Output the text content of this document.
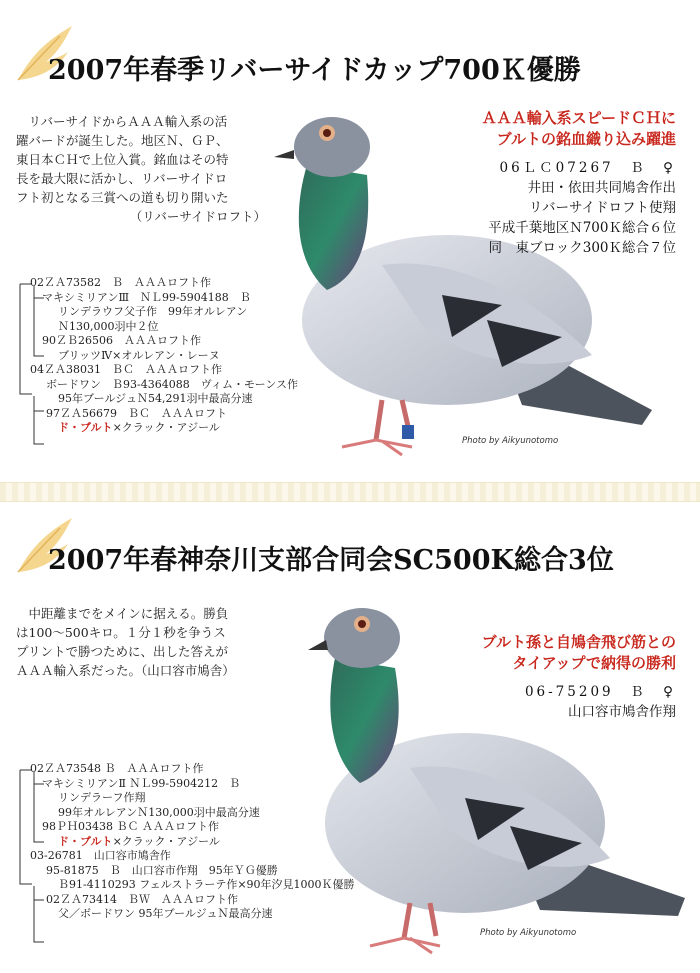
2007年春季リバーサイドカップ700Ｋ優勝
　リバーサイドからＡＡＡ輸入系の活
躍バードが誕生した。地区Ｎ、ＧＰ、
東日本ＣＨで上位入賞。銘血はその特
長を最大限に活かし、リバーサイドロ
フト初となる三賞への道も切り開いた
（リバーサイドロフト）
ＡＡＡ輸入系スピードＣＨに
ブルトの銘血織り込み躍進
06ＬＣ07267　Ｂ　♀
井田・依田共同鳩舎作出
リバーサイドロフト使翔
平成千葉地区Ｎ700Ｋ総合６位
同　東ブロック300Ｋ総合７位
02ＺＡ73582　Ｂ　ＡＡＡロフト作
マキシミリアンⅢ　ＮＬ99-5904188　Ｂ
リンデラウフ父子作　99年オルレアン
Ｎ130,000羽中２位
90ＺＢ26506　ＡＡＡロフト作
ブリッツⅣ×オルレアン・レーヌ
04ＺＡ38031　ＢＣ　ＡＡＡロフト作
ボードワン　Ｂ93-4364088　ヴィム・モーンス作
95年ブールジュＮ54,291羽中最高分速
97ＺＡ56679　ＢＣ　ＡＡＡロフト
ド・ブルト×クラック・アジール
Photo by Aikyunotomo
2007年春神奈川支部合同会SC500K総合3位
　中距離までをメインに据える。勝負
は100～500キロ。１分１秒を争うス
プリントで勝つために、出した答えが
ＡＡＡ輸入系だった。（山口容市鳩舎）
ブルト孫と自鳩舎飛び筋との
タイアップで納得の勝利
06-75209　Ｂ　♀
山口容市鳩舎作翔
02ＺＡ73548 Ｂ　ＡＡＡロフト作
マキシミリアンⅡ ＮＬ99-5904212　Ｂ
リンデラーフ作翔
99年オルレアンＮ130,000羽中最高分速
98ＰＨ03438 ＢＣ ＡＡＡロフト作
ド・ブルト×クラック・アジール
03-26781　山口容市鳩舎作
95-81875　Ｂ　山口容市作翔　95年ＹＧ優勝
Ｂ91-4110293 フェルストラーテ作×90年汐見1000Ｋ優勝
02ＺＡ73414　ＢＷ　ＡＡＡロフト作
父／ボードワン 95年ブールジュＮ最高分速
Photo by Aikyunotomo
